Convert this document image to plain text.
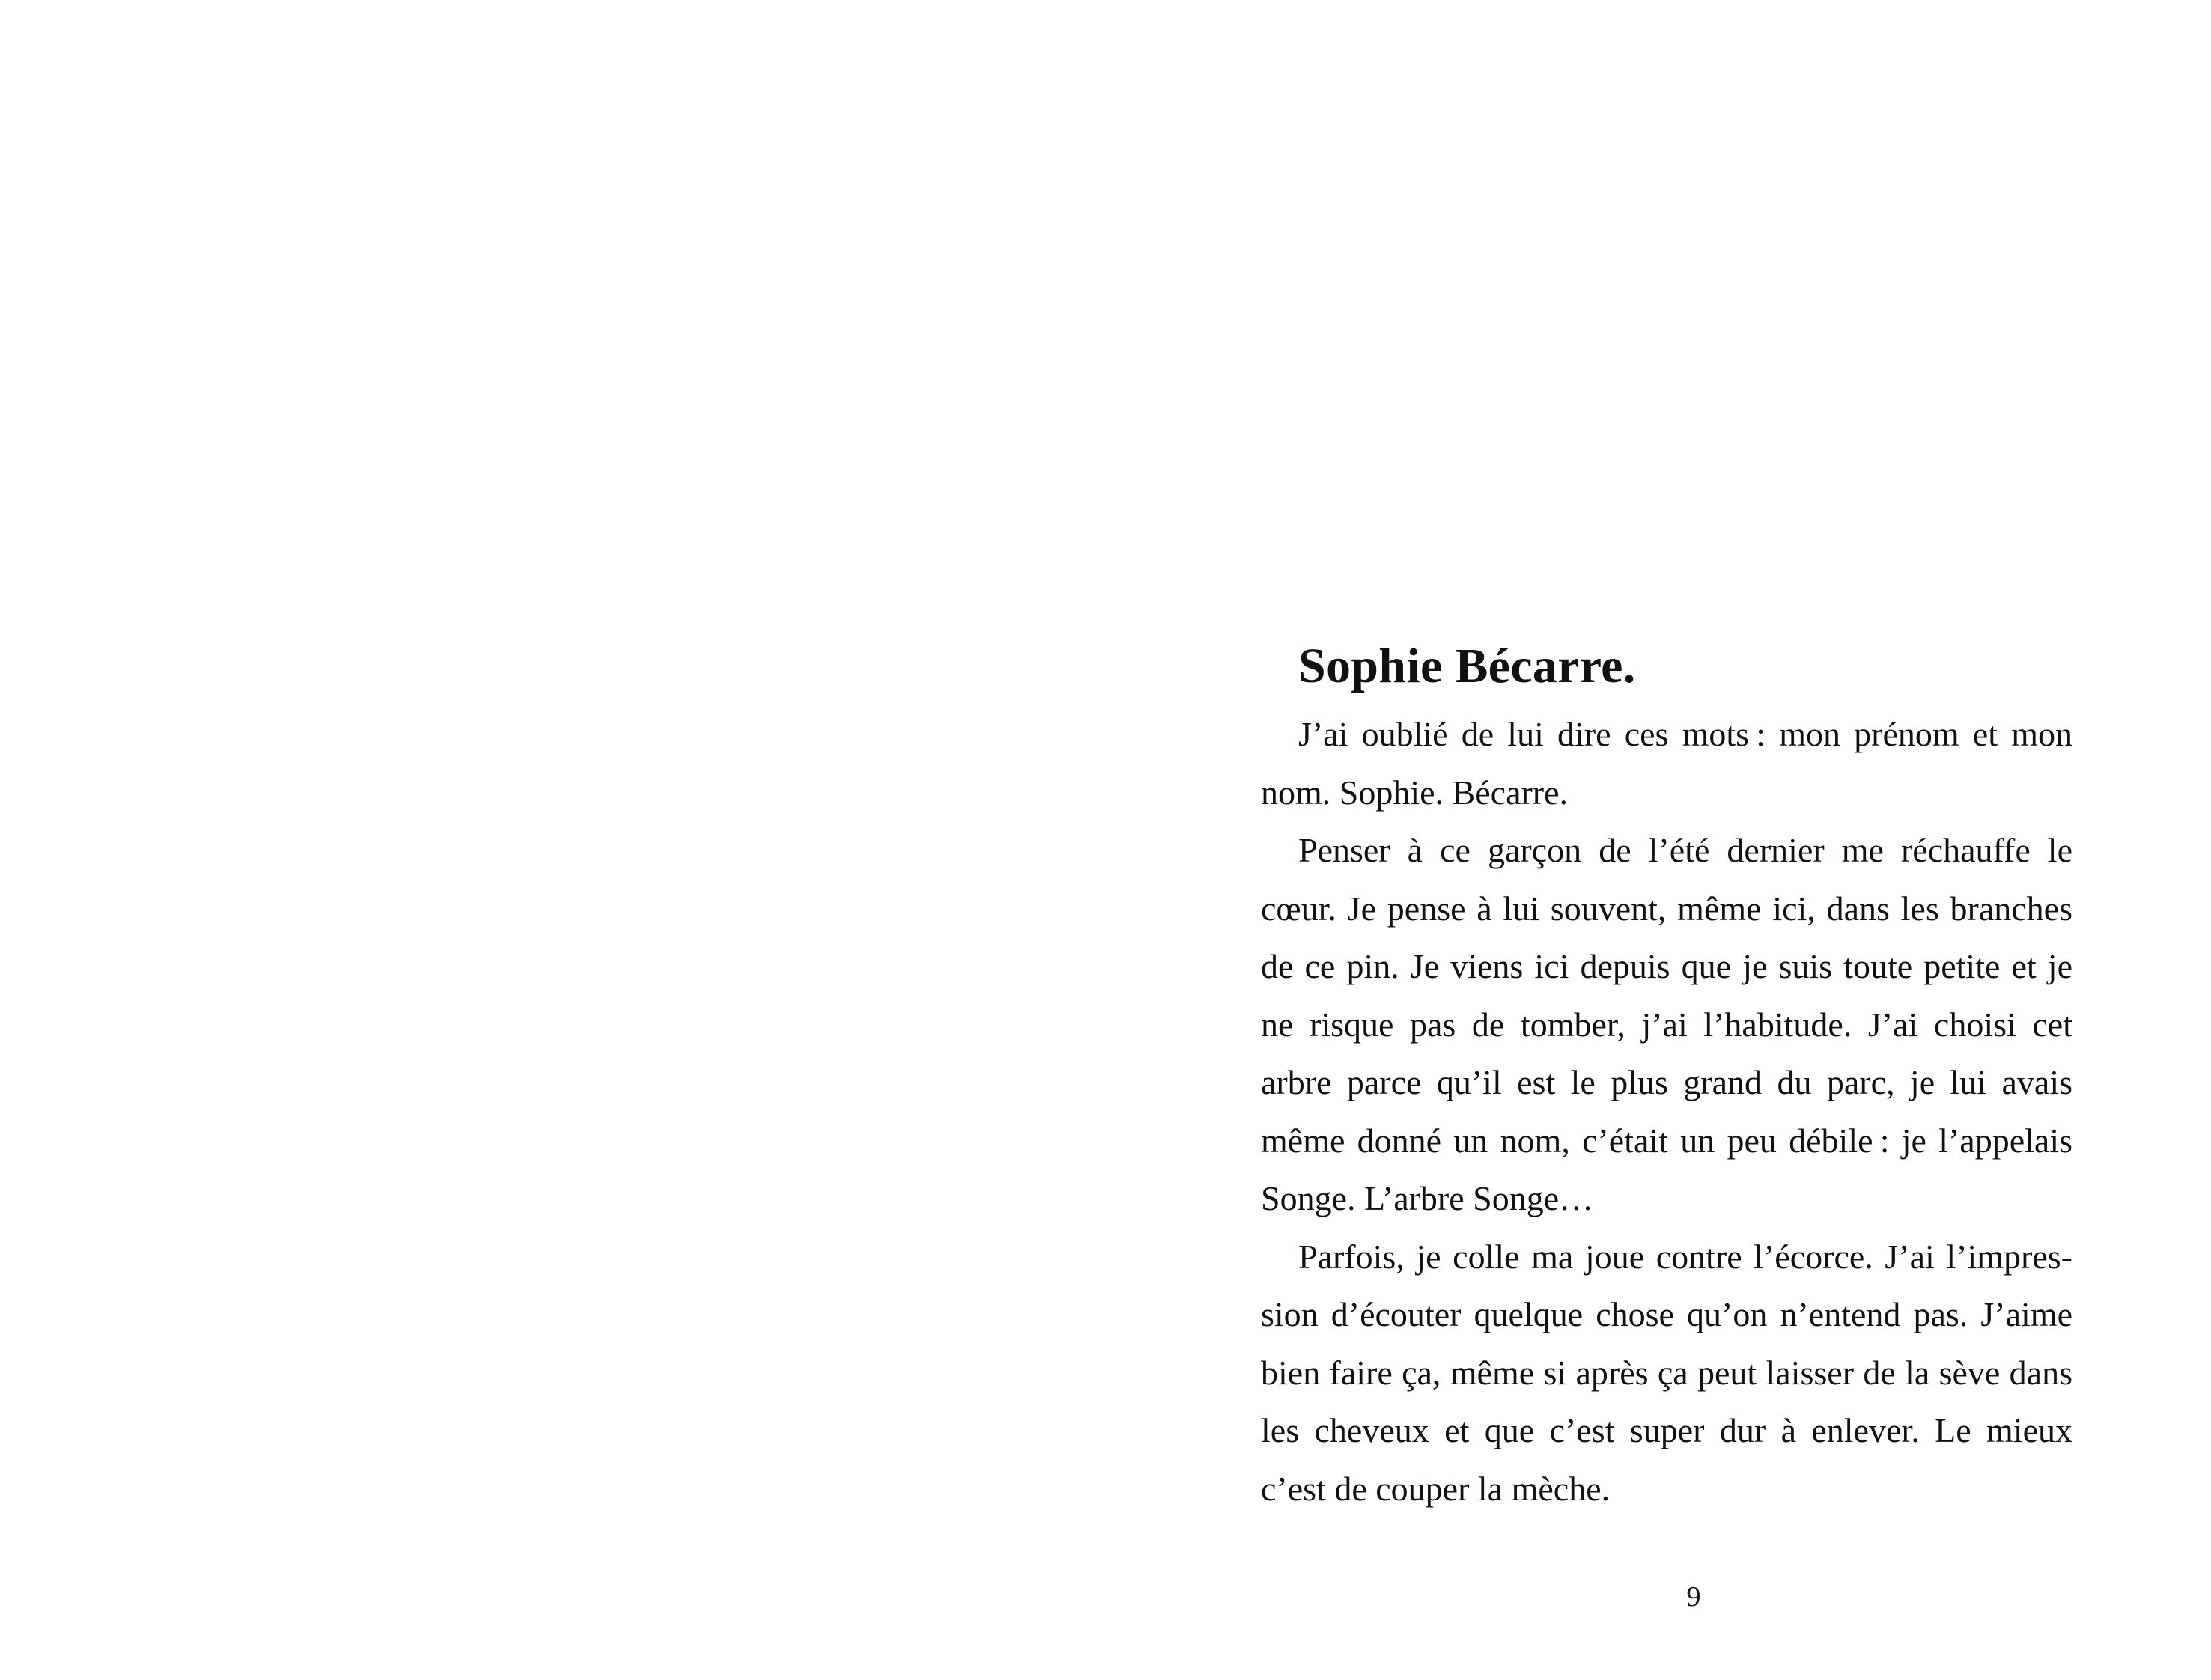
Sophie Bécarre.

J’ai oublié de lui dire ces mots : mon prénom et mon nom. Sophie. Bécarre.

Penser à ce garçon de l’été dernier me réchauffe le cœur. Je pense à lui souvent, même ici, dans les branches de ce pin. Je viens ici depuis que je suis toute petite et je ne risque pas de tomber, j’ai l’habitude. J’ai choisi cet arbre parce qu’il est le plus grand du parc, je lui avais même donné un nom, c’était un peu débile : je l’appelais Songe. L’arbre Songe…

Parfois, je colle ma joue contre l’écorce. J’ai l’impression d’écouter quelque chose qu’on n’entend pas. J’aime bien faire ça, même si après ça peut laisser de la sève dans les cheveux et que c’est super dur à enlever. Le mieux c’est de couper la mèche.

9
